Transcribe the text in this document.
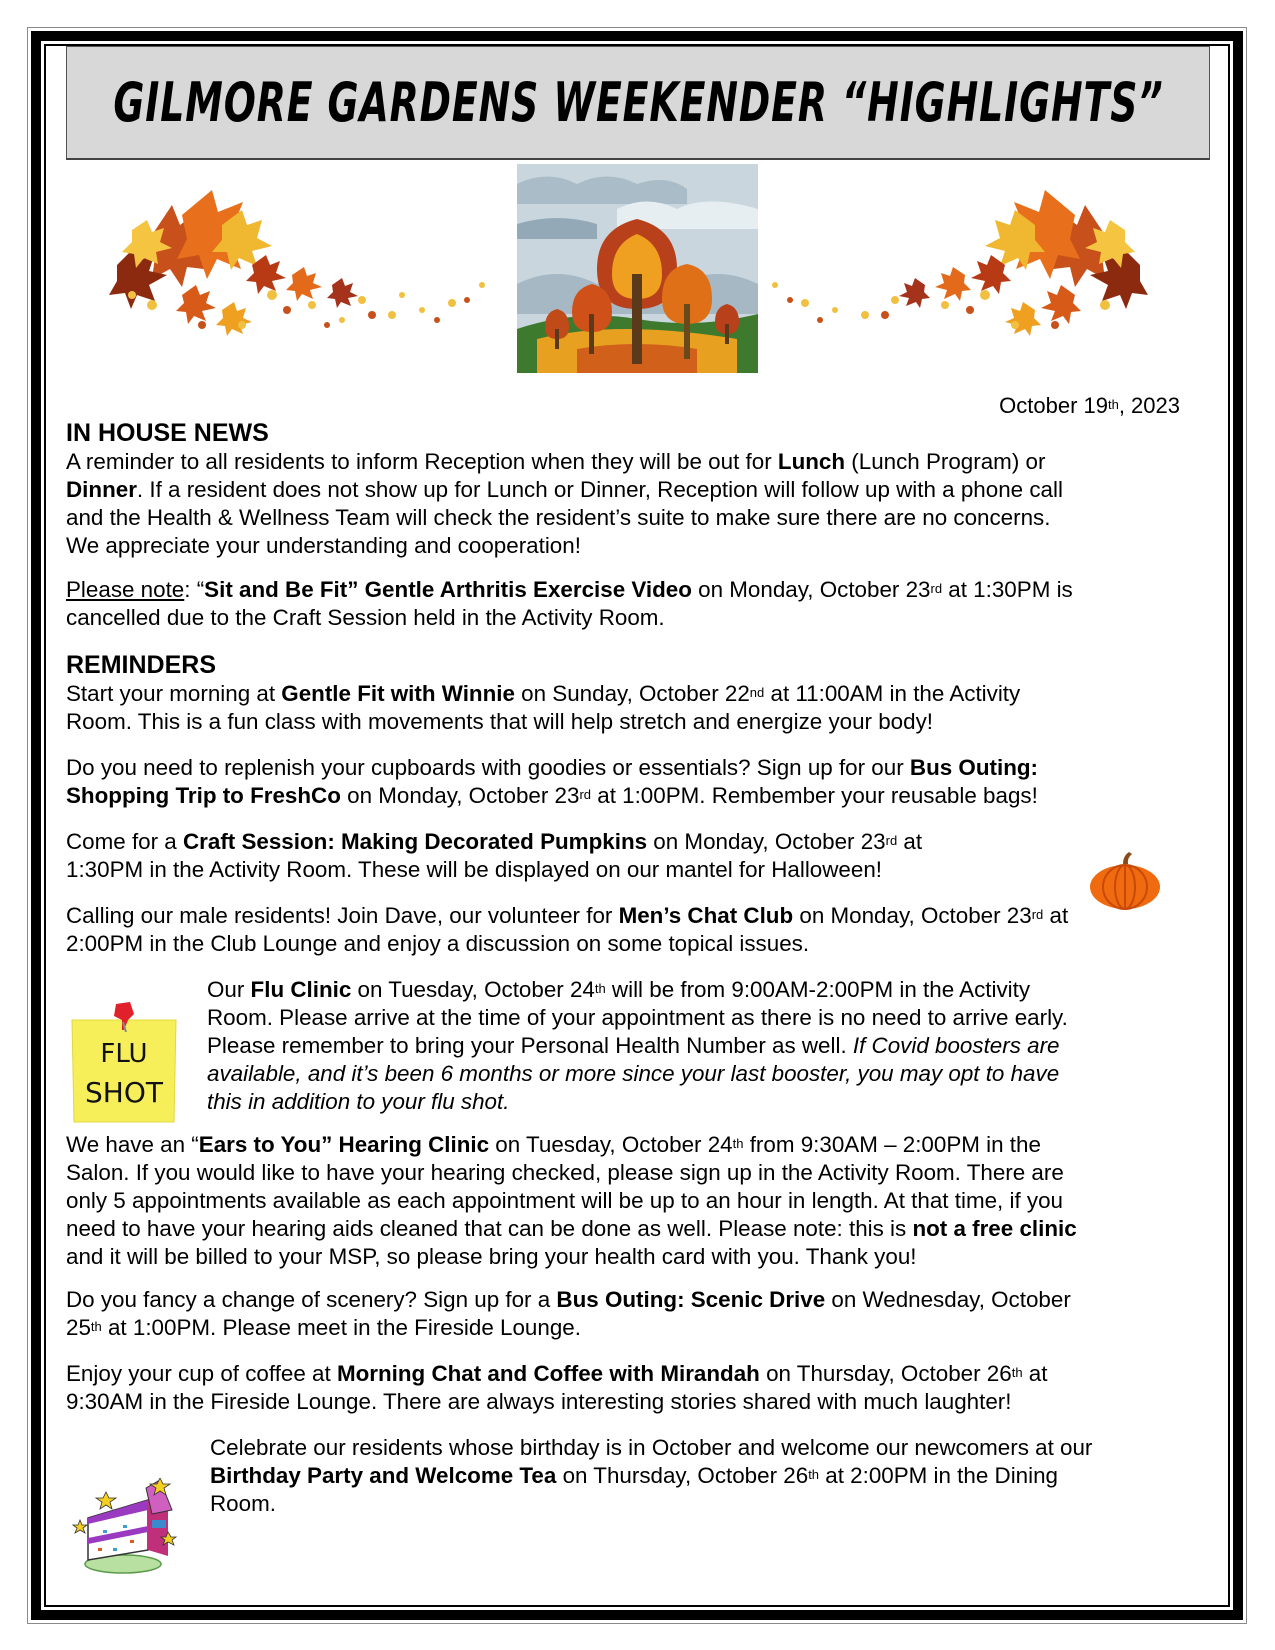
GILMORE GARDENS WEEKENDER “HIGHLIGHTS”
October 19th, 2023
IN HOUSE NEWS
A reminder to all residents to inform Reception when they will be out for Lunch (Lunch Program) or
Dinner. If a resident does not show up for Lunch or Dinner, Reception will follow up with a phone call
and the Health & Wellness Team will check the resident’s suite to make sure there are no concerns.
We appreciate your understanding and cooperation!
Please note: “Sit and Be Fit” Gentle Arthritis Exercise Video on Monday, October 23rd at 1:30PM is
cancelled due to the Craft Session held in the Activity Room.
REMINDERS
Start your morning at Gentle Fit with Winnie on Sunday, October 22nd at 11:00AM in the Activity
Room. This is a fun class with movements that will help stretch and energize your body!
Do you need to replenish your cupboards with goodies or essentials? Sign up for our Bus Outing:
Shopping Trip to FreshCo on Monday, October 23rd at 1:00PM. Rembember your reusable bags!
Come for a Craft Session: Making Decorated Pumpkins on Monday, October 23rd at
1:30PM in the Activity Room. These will be displayed on our mantel for Halloween!
Calling our male residents! Join Dave, our volunteer for Men’s Chat Club on Monday, October 23rd at
2:00PM in the Club Lounge and enjoy a discussion on some topical issues.
Our Flu Clinic on Tuesday, October 24th will be from 9:00AM-2:00PM in the Activity
Room. Please arrive at the time of your appointment as there is no need to arrive early.
Please remember to bring your Personal Health Number as well. If Covid boosters are
available, and it’s been 6 months or more since your last booster, you may opt to have
this in addition to your flu shot.
We have an “Ears to You” Hearing Clinic on Tuesday, October 24th from 9:30AM – 2:00PM in the
Salon. If you would like to have your hearing checked, please sign up in the Activity Room. There are
only 5 appointments available as each appointment will be up to an hour in length. At that time, if you
need to have your hearing aids cleaned that can be done as well. Please note: this is not a free clinic
and it will be billed to your MSP, so please bring your health card with you. Thank you!
Do you fancy a change of scenery? Sign up for a Bus Outing: Scenic Drive on Wednesday, October
25th at 1:00PM. Please meet in the Fireside Lounge.
Enjoy your cup of coffee at Morning Chat and Coffee with Mirandah on Thursday, October 26th at
9:30AM in the Fireside Lounge. There are always interesting stories shared with much laughter!
Celebrate our residents whose birthday is in October and welcome our newcomers at our
Birthday Party and Welcome Tea on Thursday, October 26th at 2:00PM in the Dining
Room.
FLU
SHOT
